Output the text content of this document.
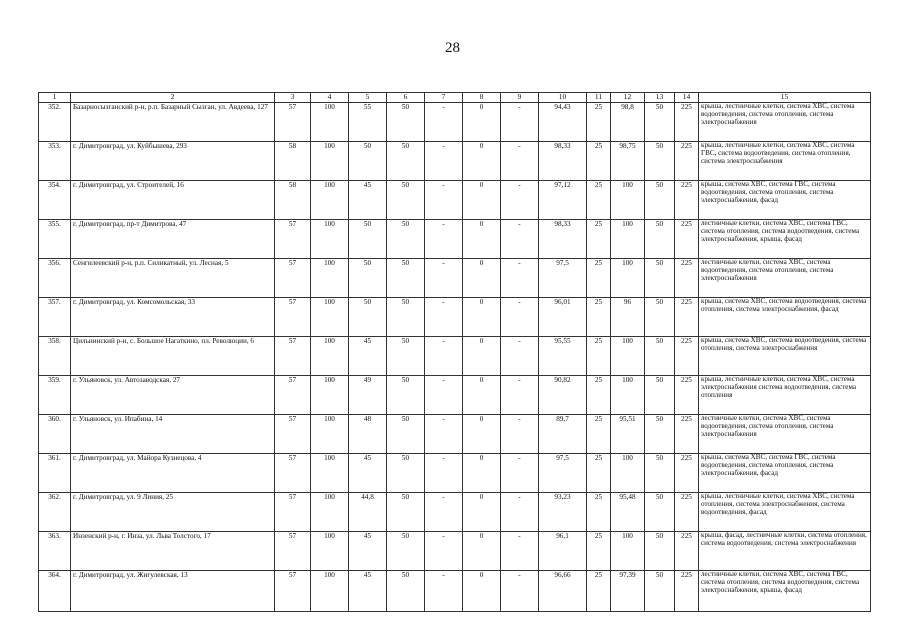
28
1	2	3	4	5	6	7	8	9	10	11	12	13	14	15
352.	Базарносызганский р-н, р.п. Базарный Сызган, ул. Авдеева, 127	57	100	55	50	-	0	-	94,43	25	98,8	50	225	крыша, лестничные клетки, система ХВС, система водоотведения, система отопления, система электроснабжения
353.	г. Димитровград, ул. Куйбышева, 293	58	100	50	50	-	0	-	98,33	25	98,75	50	225	крыша, лестничные клетки, система ХВС, система ГВС, система водоотведения, система отопления, система электроснабжения
354.	г. Димитровград, ул. Строителей, 16	58	100	45	50	-	0	-	97,12	25	100	50	225	крыша, система ХВС, система ГВС, система водоотведения, система отопления, система электроснабжения, фасад
355.	г. Димитровград, пр-т Димитрова, 47	57	100	50	50	-	0	-	98,33	25	100	50	225	лестничные клетки, система ХВС, система ГВС, система отопления, система водоотведения, система электроснабжения, крыша, фасад
356.	Сенгилеевский р-н, р.п. Силикатный, ул. Лесная, 5	57	100	50	50	-	0	-	97,5	25	100	50	225	лестничные клетки, система ХВС, система водоотведения, система отопления, система электроснабжения
357.	г. Димитровград, ул. Комсомольская, 33	57	100	50	50	-	0	-	96,01	25	96	50	225	крыша, система ХВС, система водоотведения, система отопления, система электроснабжения, фасад
358.	Цильнинский р-н, с. Большое Нагаткино, пл. Революции, 6	57	100	45	50	-	0	-	95,55	25	100	50	225	крыша, система ХВС, система водоотведения, система отопления, система электроснабжения
359.	г. Ульяновск, ул. Автозаводская, 27	57	100	49	50	-	0	-	90,82	25	100	50	225	крыша, лестничные клетки, система ХВС, система электроснабжения система водоотведения, система отопления
360.	г. Ульяновск, ул. Ипабина, 14	57	100	48	50	-	0	-	89,7	25	95,51	50	225	лестничные клетки, система ХВС, система водоотведения, система отопления, система электроснабжения
361.	г. Димитровград, ул. Майора Кузнецова, 4	57	100	45	50	-	0	-	97,5	25	100	50	225	крыша, система ХВС, система ГВС, система водоотведения, система отопления, система электроснабжения, фасад
362.	г. Димитровград, ул. 9 Линия, 25	57	100	44,8	50	-	0	-	93,23	25	95,48	50	225	крыша, лестничные клетки, система ХВС, система отопления, система электроснабжения, система водоотведения, фасад
363.	Инзенский р-н, г. Инза, ул. Льва Толстого, 17	57	100	45	50	-	0	-	96,1	25	100	50	225	крыша, фасад, лестничные клетки, система отопления, система водоотведения, система электроснабжения
364.	г. Димитровград, ул. Жигулевская, 13	57	100	45	50	-	0	-	96,66	25	97,39	50	225	лестничные клетки, система ХВС, система ГВС, система отопления, система водоотведения, система электроснабжения, крыша, фасад
